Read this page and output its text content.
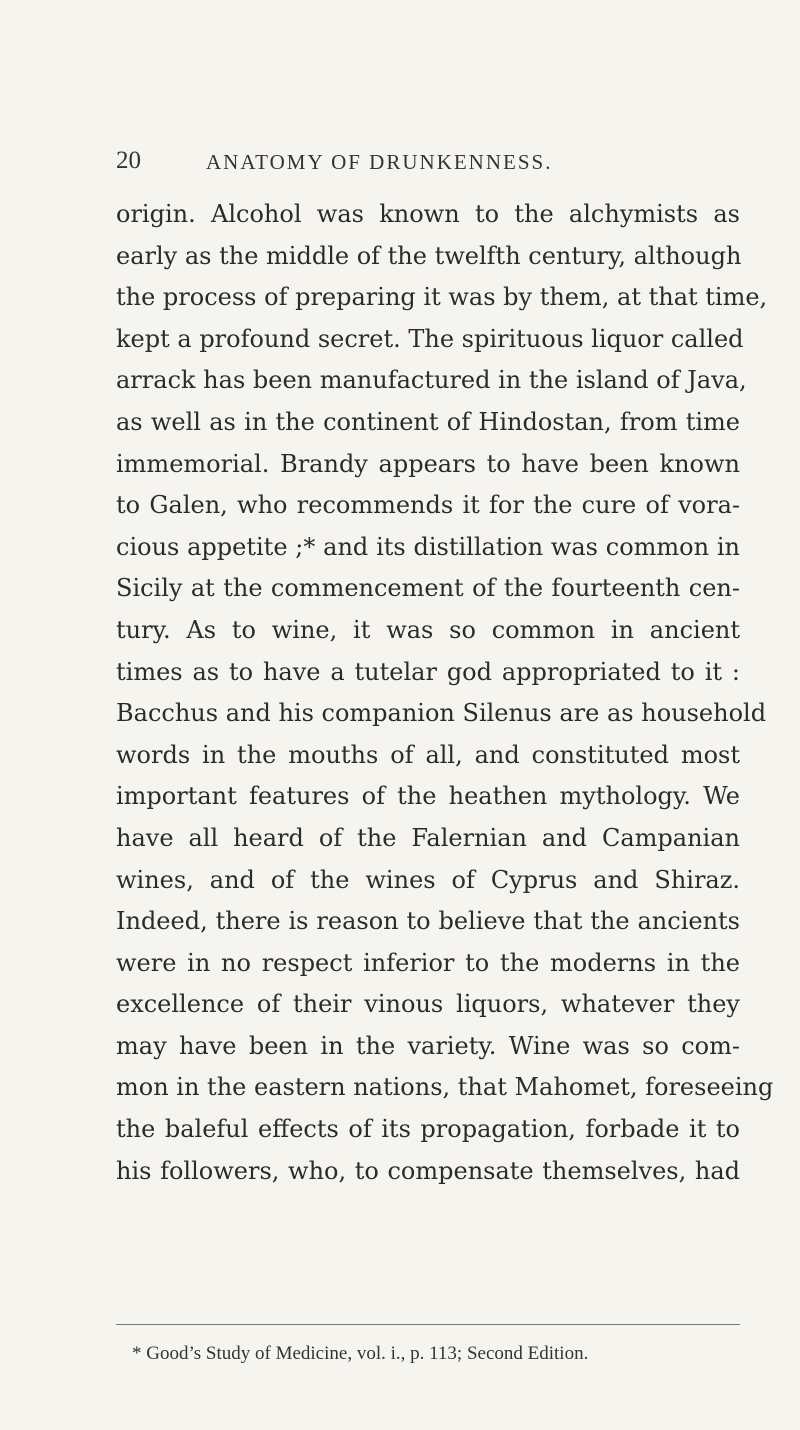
20	ANATOMY OF DRUNKENNESS.
origin. Alcohol was known to the alchymists as
early as the middle of the twelfth century, although
the process of preparing it was by them, at that time,
kept a profound secret. The spirituous liquor called
arrack has been manufactured in the island of Java,
as well as in the continent of Hindostan, from time
immemorial. Brandy appears to have been known
to Galen, who recommends it for the cure of vora-
cious appetite ;* and its distillation was common in
Sicily at the commencement of the fourteenth cen-
tury. As to wine, it was so common in ancient
times as to have a tutelar god appropriated to it :
Bacchus and his companion Silenus are as household
words in the mouths of all, and constituted most
important features of the heathen mythology. We
have all heard of the Falernian and Campanian
wines, and of the wines of Cyprus and Shiraz.
Indeed, there is reason to believe that the ancients
were in no respect inferior to the moderns in the
excellence of their vinous liquors, whatever they
may have been in the variety. Wine was so com-
mon in the eastern nations, that Mahomet, foreseeing
the baleful effects of its propagation, forbade it to
his followers, who, to compensate themselves, had
* Good’s Study of Medicine, vol. i., p. 113; Second Edition.
